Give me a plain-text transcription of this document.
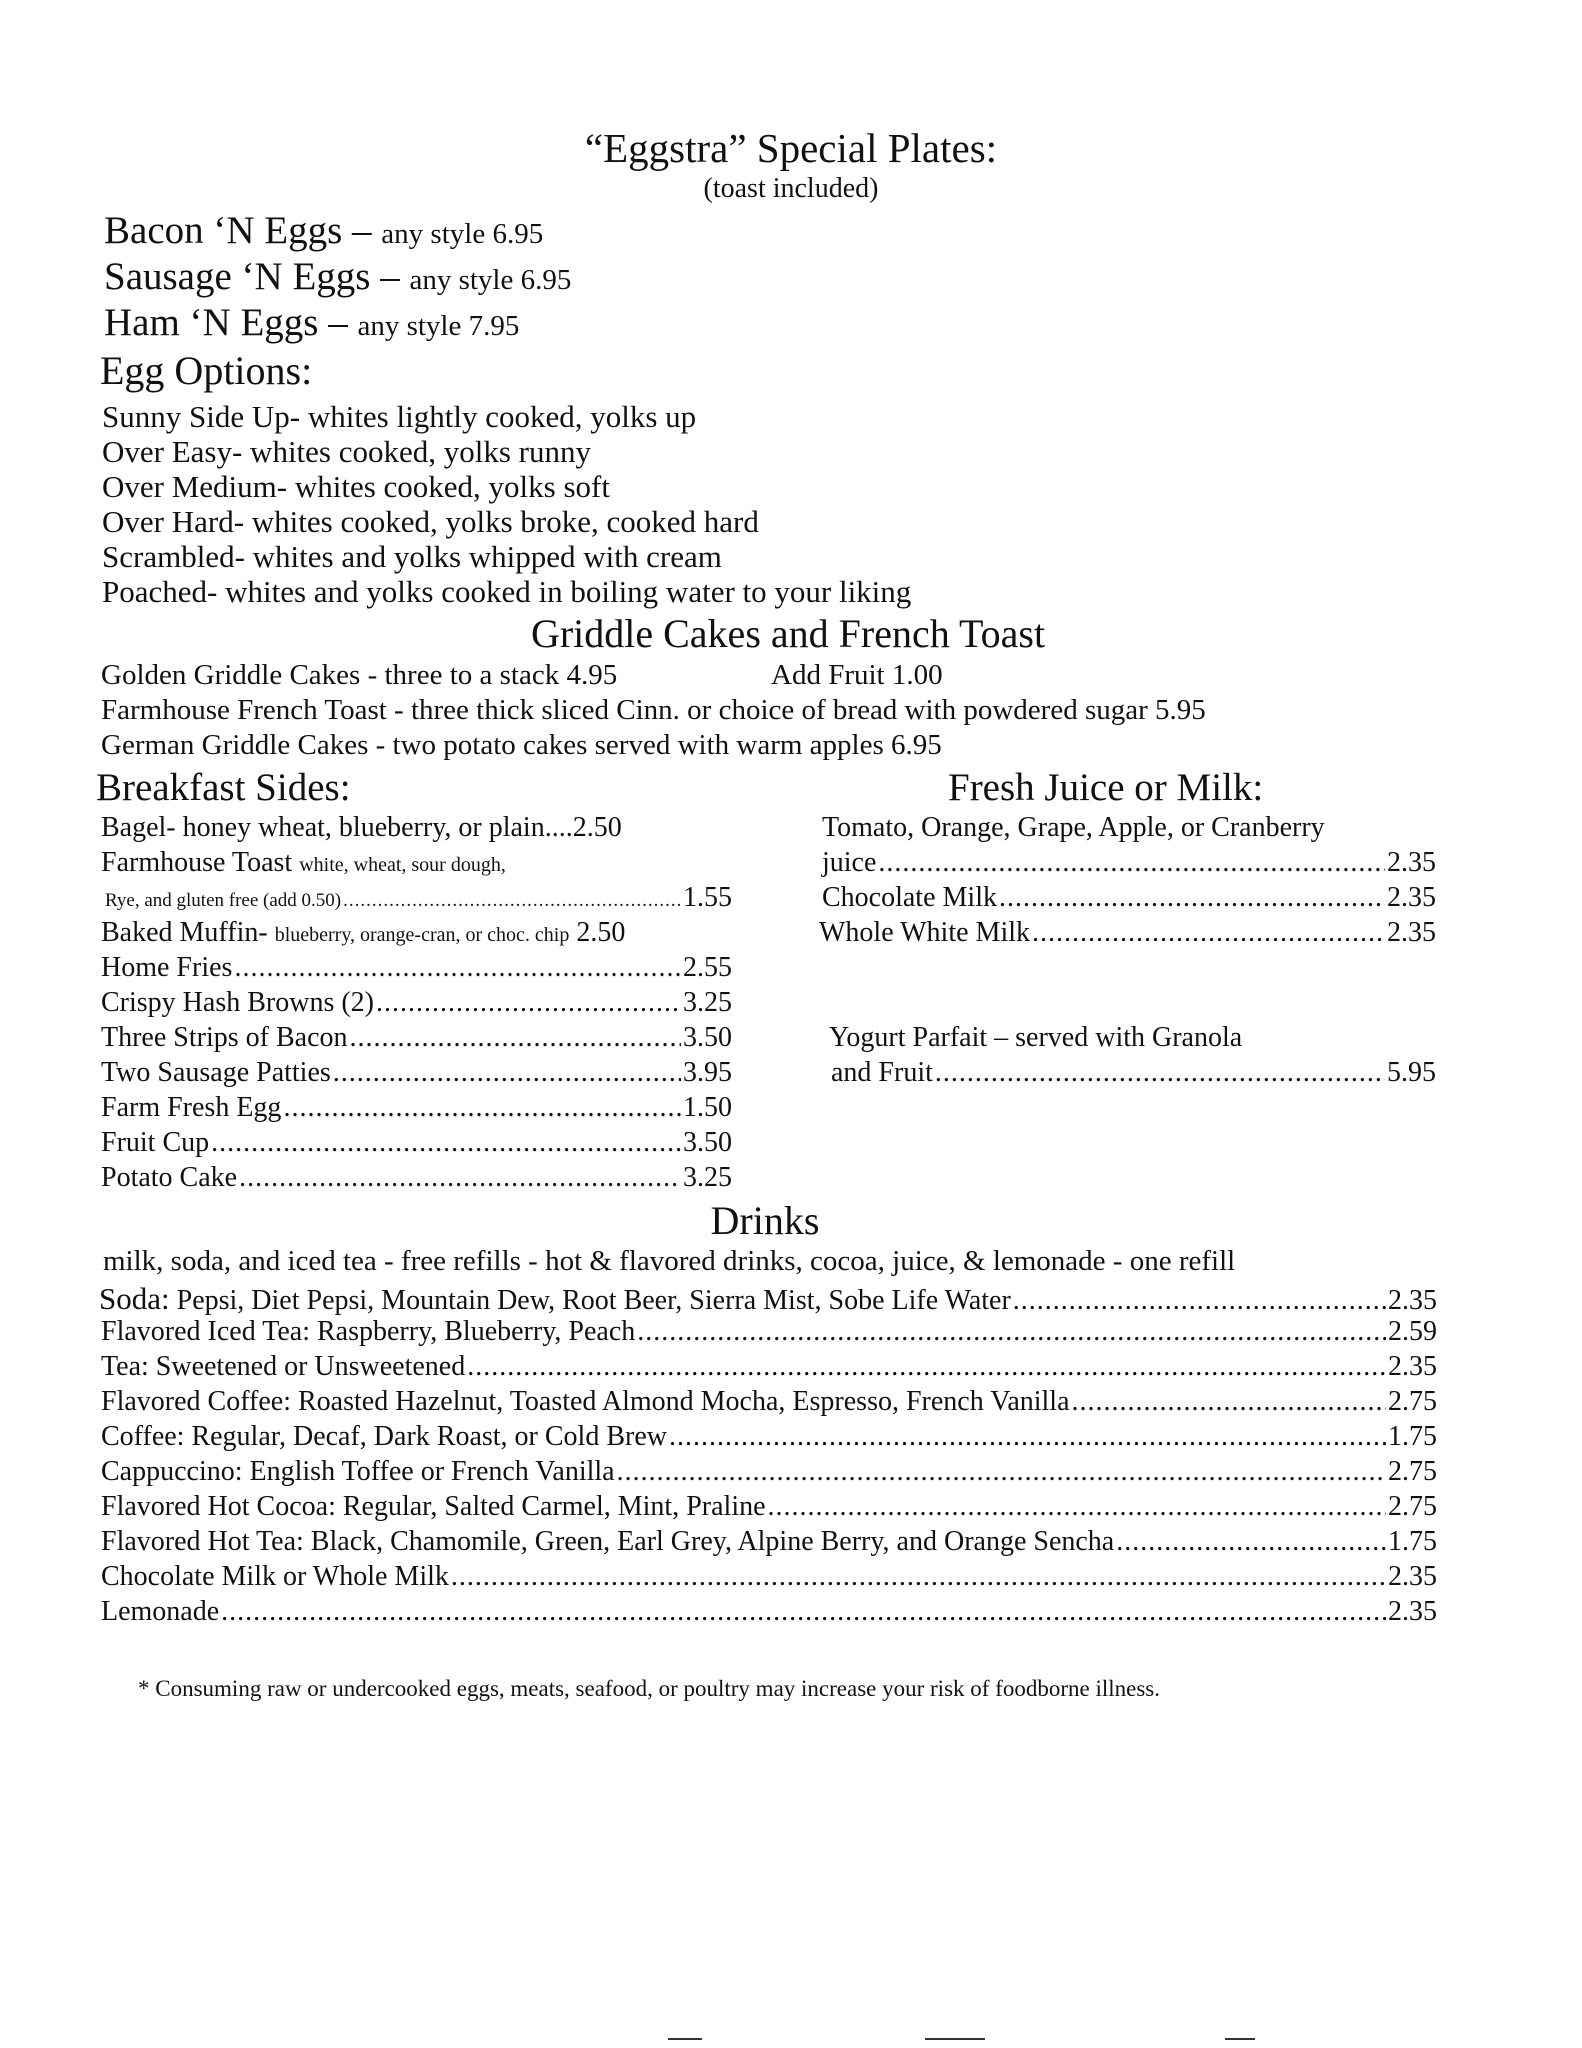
“Eggstra” Special Plates:
(toast included)
Bacon ‘N Eggs – any style 6.95
Sausage ‘N Eggs – any style 6.95
Ham ‘N Eggs – any style 7.95
Egg Options:
Sunny Side Up- whites lightly cooked, yolks up
Over Easy- whites cooked, yolks runny
Over Medium- whites cooked, yolks soft
Over Hard- whites cooked, yolks broke, cooked hard
Scrambled- whites and yolks whipped with cream
Poached- whites and yolks cooked in boiling water to your liking
Griddle Cakes and French Toast
Golden Griddle Cakes - three to a stack 4.95	Add Fruit 1.00
Farmhouse French Toast - three thick sliced Cinn. or choice of bread with powdered sugar 5.95
German Griddle Cakes - two potato cakes served with warm apples 6.95
Breakfast Sides:
Bagel- honey wheat, blueberry, or plain....2.50
Farmhouse Toast white, wheat, sour dough,
Rye, and gluten free (add 0.50) .....	1.55
Baked Muffin- blueberry, orange-cran, or choc. chip 2.50
Home Fries .....	2.55
Crispy Hash Browns (2) .....	3.25
Three Strips of Bacon .....	3.50
Two Sausage Patties .....	3.95
Farm Fresh Egg .....	1.50
Fruit Cup .....	3.50
Potato Cake .....	3.25
Fresh Juice or Milk:
Tomato, Orange, Grape, Apple, or Cranberry
juice .....	2.35
Chocolate Milk .....	2.35
Whole White Milk .....	2.35
Yogurt Parfait – served with Granola
and Fruit .....	5.95
Drinks
milk, soda, and iced tea - free refills - hot & flavored drinks, cocoa, juice, & lemonade - one refill
Soda: Pepsi, Diet Pepsi, Mountain Dew, Root Beer, Sierra Mist, Sobe Life Water .....	2.35
Flavored Iced Tea: Raspberry, Blueberry, Peach .....	2.59
Tea: Sweetened or Unsweetened .....	2.35
Flavored Coffee: Roasted Hazelnut, Toasted Almond Mocha, Espresso, French Vanilla .....	2.75
Coffee: Regular, Decaf, Dark Roast, or Cold Brew .....	1.75
Cappuccino: English Toffee or French Vanilla .....	2.75
Flavored Hot Cocoa: Regular, Salted Carmel, Mint, Praline .....	2.75
Flavored Hot Tea: Black, Chamomile, Green, Earl Grey, Alpine Berry, and Orange Sencha .....	1.75
Chocolate Milk or Whole Milk .....	2.35
Lemonade .....	2.35
* Consuming raw or undercooked eggs, meats, seafood, or poultry may increase your risk of foodborne illness.
